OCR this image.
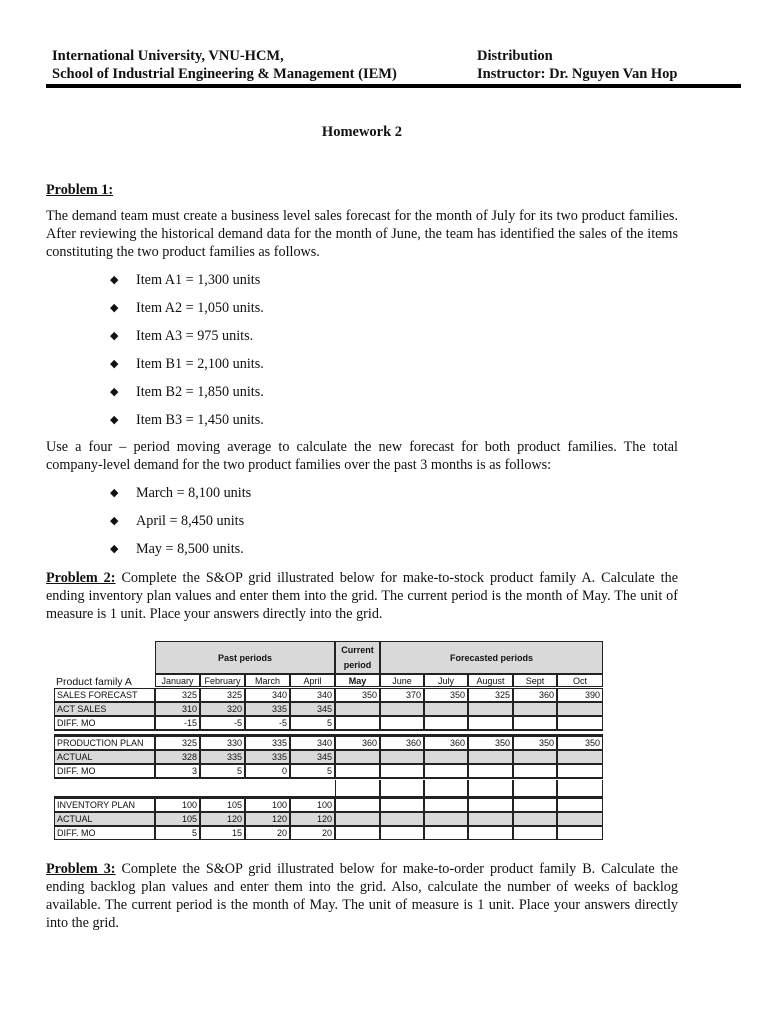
International University, VNU-HCM,
School of Industrial Engineering & Management (IEM)
Distribution
Instructor: Dr. Nguyen Van Hop
Homework 2
Problem 1:
The demand team must create a business level sales forecast for the month of July for its two product families. After reviewing the historical demand data for the month of June, the team has identified the sales of the items constituting the two product families as follows.
◆ Item A1 = 1,300 units
◆ Item A2 = 1,050 units.
◆ Item A3 = 975 units.
◆ Item B1 = 2,100 units.
◆ Item B2 = 1,850 units.
◆ Item B3 = 1,450 units.
Use a four – period moving average to calculate the new forecast for both product families. The total company-level demand for the two product families over the past 3 months is as follows:
◆ March = 8,100 units
◆ April = 8,450 units
◆ May = 8,500 units.
Problem 2: Complete the S&OP grid illustrated below for make-to-stock product family A. Calculate the ending inventory plan values and enter them into the grid. The current period is the month of May. The unit of measure is 1 unit. Place your answers directly into the grid.
Past periods
Current
period
Forecasted periods
Product family A	January	February	March	April	May	June	July	August	Sept	Oct
SALES FORECAST	325	325	340	340	350	370	350	325	360	390
ACT SALES	310	320	335	345
DIFF. MO	-15	-5	-5	5
PRODUCTION PLAN	325	330	335	340	360	360	360	350	350	350
ACTUAL	328	335	335	345
DIFF. MO	3	5	0	5
INVENTORY PLAN	100	105	100	100
ACTUAL	105	120	120	120
DIFF. MO	5	15	20	20
Problem 3: Complete the S&OP grid illustrated below for make-to-order product family B. Calculate the ending backlog plan values and enter them into the grid. Also, calculate the number of weeks of backlog available. The current period is the month of May. The unit of measure is 1 unit. Place your answers directly into the grid.
